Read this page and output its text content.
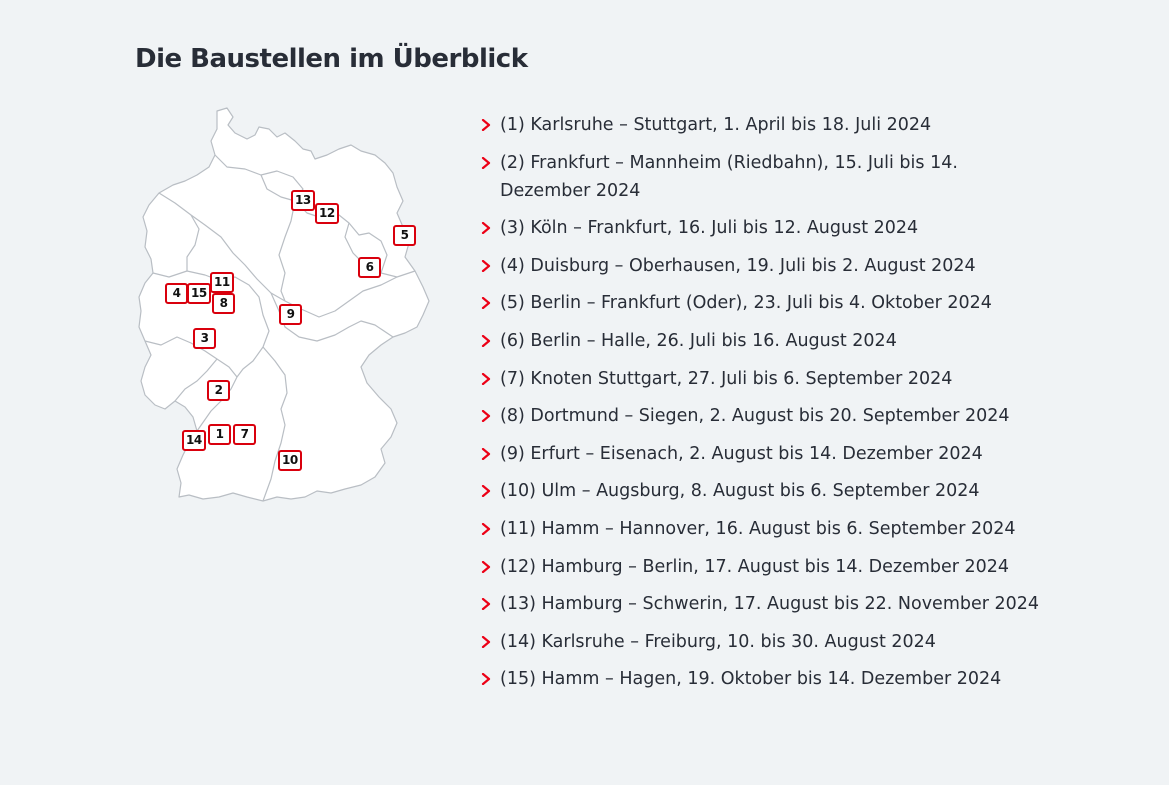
Die Baustellen im Überblick
13
12
5
6
11
4 15
8
9
3
2
14	1	7
10
(1) Karlsruhe – Stuttgart, 1. April bis 18. Juli 2024
(2) Frankfurt – Mannheim (Riedbahn), 15. Juli bis 14. Dezember 2024
(3) Köln – Frankfurt, 16. Juli bis 12. August 2024
(4) Duisburg – Oberhausen, 19. Juli bis 2. August 2024
(5) Berlin – Frankfurt (Oder), 23. Juli bis 4. Oktober 2024
(6) Berlin – Halle, 26. Juli bis 16. August 2024
(7) Knoten Stuttgart, 27. Juli bis 6. September 2024
(8) Dortmund – Siegen, 2. August bis 20. September 2024
(9) Erfurt – Eisenach, 2. August bis 14. Dezember 2024
(10) Ulm – Augsburg, 8. August bis 6. September 2024
(11) Hamm – Hannover, 16. August bis 6. September 2024
(12) Hamburg – Berlin, 17. August bis 14. Dezember 2024
(13) Hamburg – Schwerin, 17. August bis 22. November 2024
(14) Karlsruhe – Freiburg, 10. bis 30. August 2024
(15) Hamm – Hagen, 19. Oktober bis 14. Dezember 2024
